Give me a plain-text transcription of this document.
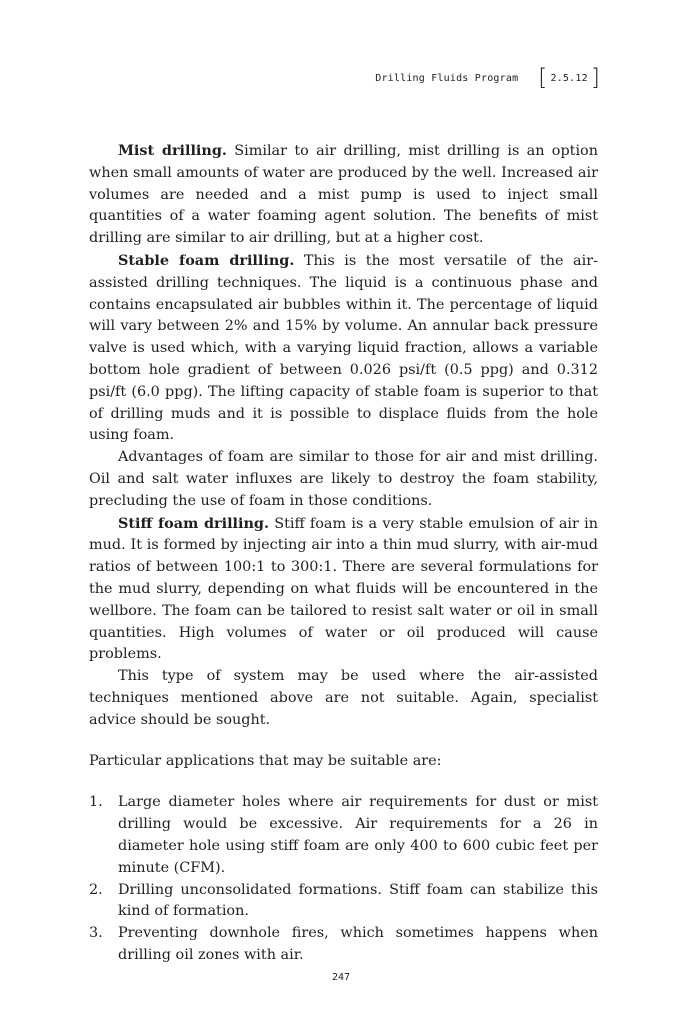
Drilling Fluids Program [ 2.5.12 ]

Mist drilling. Similar to air drilling, mist drilling is an option when small amounts of water are produced by the well. Increased air volumes are needed and a mist pump is used to inject small quantities of a water foaming agent solution. The benefits of mist drilling are similar to air drilling, but at a higher cost.

Stable foam drilling. This is the most versatile of the air-assisted drilling techniques. The liquid is a continuous phase and contains encapsulated air bubbles within it. The percentage of liquid will vary between 2% and 15% by volume. An annular back pressure valve is used which, with a varying liquid fraction, allows a variable bottom hole gradient of between 0.026 psi/ft (0.5 ppg) and 0.312 psi/ft (6.0 ppg). The lifting capacity of stable foam is superior to that of drilling muds and it is possible to displace fluids from the hole using foam.

Advantages of foam are similar to those for air and mist drilling. Oil and salt water influxes are likely to destroy the foam stability, precluding the use of foam in those conditions.

Stiff foam drilling. Stiff foam is a very stable emulsion of air in mud. It is formed by injecting air into a thin mud slurry, with air-mud ratios of between 100:1 to 300:1. There are several formulations for the mud slurry, depending on what fluids will be encountered in the wellbore. The foam can be tailored to resist salt water or oil in small quantities. High volumes of water or oil produced will cause problems.

This type of system may be used where the air-assisted techniques mentioned above are not suitable. Again, specialist advice should be sought.

Particular applications that may be suitable are:

1. Large diameter holes where air requirements for dust or mist drilling would be excessive. Air requirements for a 26 in diameter hole using stiff foam are only 400 to 600 cubic feet per minute (CFM).
2. Drilling unconsolidated formations. Stiff foam can stabilize this kind of formation.
3. Preventing downhole fires, which sometimes happens when drilling oil zones with air.
247
